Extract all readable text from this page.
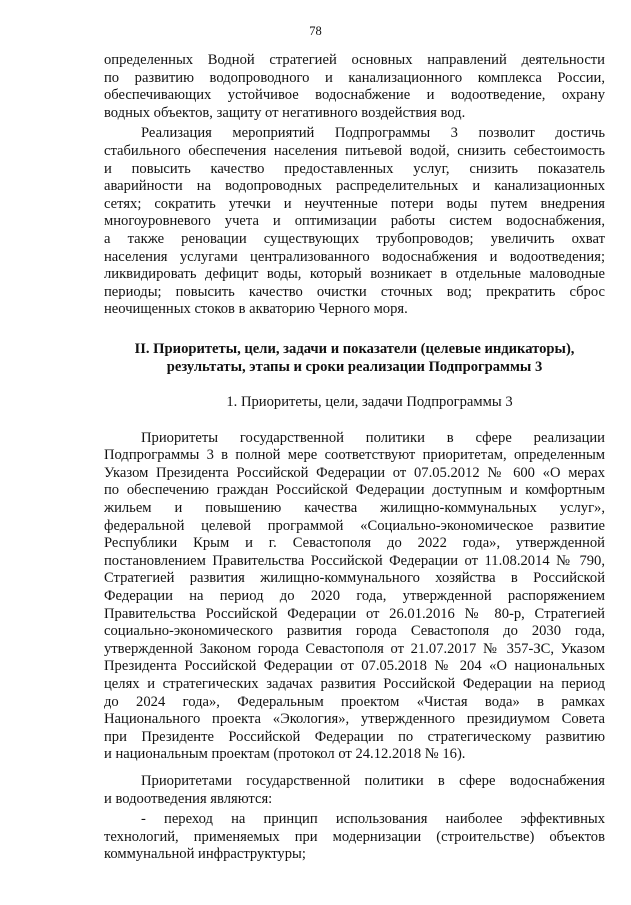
78
определенных Водной стратегией основных направлений деятельности
по развитию водопроводного и канализационного комплекса России,
обеспечивающих устойчивое водоснабжение и водоотведение, охрану
водных объектов, защиту от негативного воздействия вод.
Реализация мероприятий Подпрограммы 3 позволит достичь
стабильного обеспечения населения питьевой водой, снизить себестоимость
и повысить качество предоставленных услуг, снизить показатель
аварийности на водопроводных распределительных и канализационных
сетях; сократить утечки и неучтенные потери воды путем внедрения
многоуровневого учета и оптимизации работы систем водоснабжения,
а также реновации существующих трубопроводов; увеличить охват
населения услугами централизованного водоснабжения и водоотведения;
ликвидировать дефицит воды, который возникает в отдельные маловодные
периоды; повысить качество очистки сточных вод; прекратить сброс
неочищенных стоков в акваторию Черного моря.
II. Приоритеты, цели, задачи и показатели (целевые индикаторы),
результаты, этапы и сроки реализации Подпрограммы 3
1. Приоритеты, цели, задачи Подпрограммы 3
Приоритеты государственной политики в сфере реализации
Подпрограммы 3 в полной мере соответствуют приоритетам, определенным
Указом Президента Российской Федерации от 07.05.2012 № 600 «О мерах
по обеспечению граждан Российской Федерации доступным и комфортным
жильем и повышению качества жилищно-коммунальных услуг»,
федеральной целевой программой «Социально-экономическое развитие
Республики Крым и г. Севастополя до 2022 года», утвержденной
постановлением Правительства Российской Федерации от 11.08.2014 № 790,
Стратегией развития жилищно-коммунального хозяйства в Российской
Федерации на период до 2020 года, утвержденной распоряжением
Правительства Российской Федерации от 26.01.2016 № 80-р, Стратегией
социально-экономического развития города Севастополя до 2030 года,
утвержденной Законом города Севастополя от 21.07.2017 № 357-ЗС, Указом
Президента Российской Федерации от 07.05.2018 № 204 «О национальных
целях и стратегических задачах развития Российской Федерации на период
до 2024 года», Федеральным проектом «Чистая вода» в рамках
Национального проекта «Экология», утвержденного президиумом Совета
при Президенте Российской Федерации по стратегическому развитию
и национальным проектам (протокол от 24.12.2018 № 16).
Приоритетами государственной политики в сфере водоснабжения
и водоотведения являются:
- переход на принцип использования наиболее эффективных
технологий, применяемых при модернизации (строительстве) объектов
коммунальной инфраструктуры;
